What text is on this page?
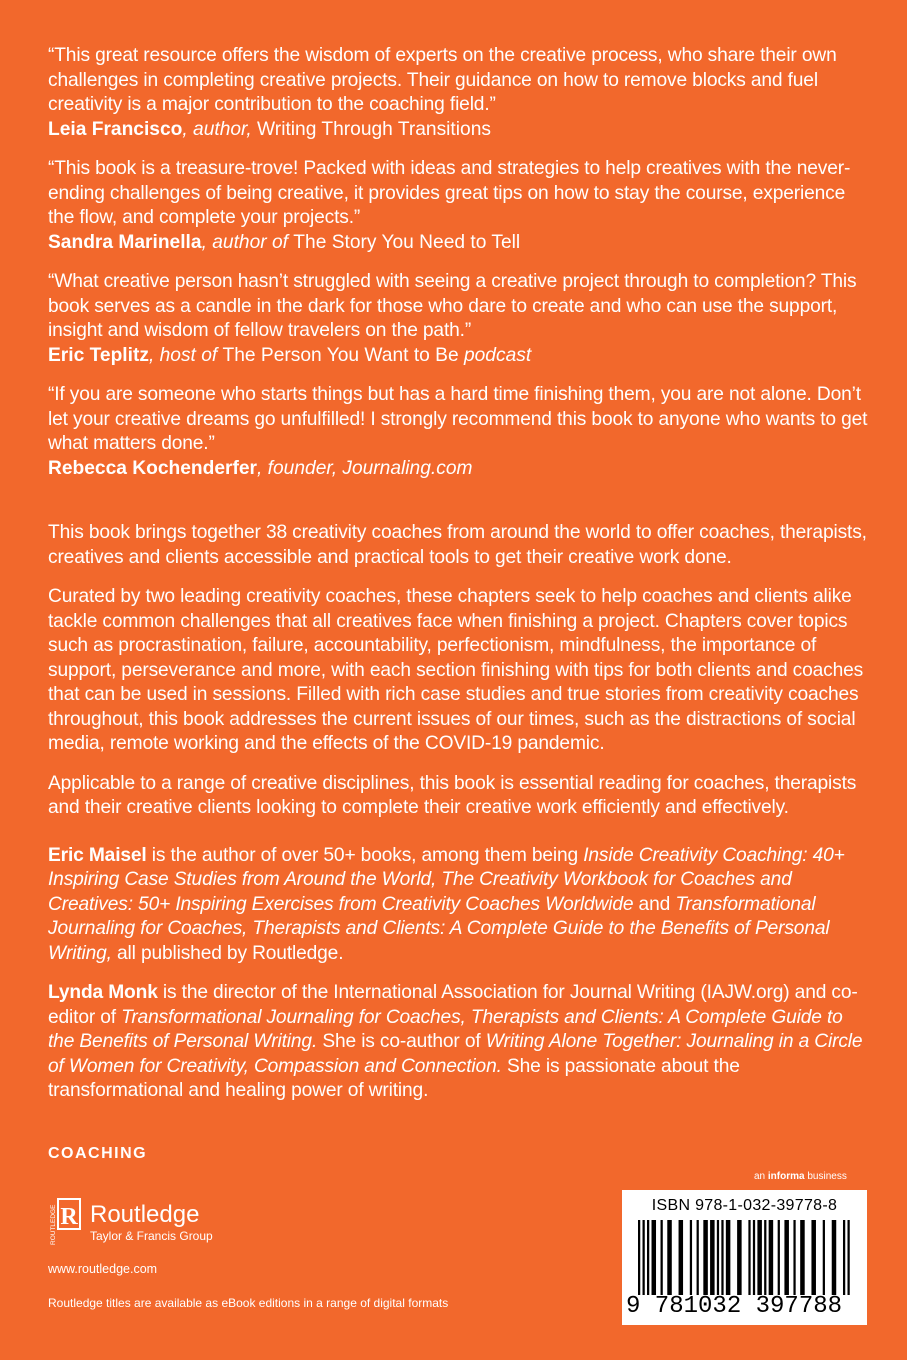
“This great resource offers the wisdom of experts on the creative process, who share their own challenges in completing creative projects. Their guidance on how to remove blocks and fuel creativity is a major contribution to the coaching field.”

Leia Francisco, author, Writing Through Transitions

“This book is a treasure-trove! Packed with ideas and strategies to help creatives with the never-ending challenges of being creative, it provides great tips on how to stay the course, experience the flow, and complete your projects.”

Sandra Marinella, author of The Story You Need to Tell

“What creative person hasn’t struggled with seeing a creative project through to completion? This book serves as a candle in the dark for those who dare to create and who can use the support, insight and wisdom of fellow travelers on the path.”

Eric Teplitz, host of The Person You Want to Be podcast

“If you are someone who starts things but has a hard time finishing them, you are not alone. Don’t let your creative dreams go unfulfilled! I strongly recommend this book to anyone who wants to get what matters done.”

Rebecca Kochenderfer, founder, Journaling.com

This book brings together 38 creativity coaches from around the world to offer coaches, therapists, creatives and clients accessible and practical tools to get their creative work done.

Curated by two leading creativity coaches, these chapters seek to help coaches and clients alike tackle common challenges that all creatives face when finishing a project. Chapters cover topics such as procrastination, failure, accountability, perfectionism, mindfulness, the importance of support, perseverance and more, with each section finishing with tips for both clients and coaches that can be used in sessions. Filled with rich case studies and true stories from creativity coaches throughout, this book addresses the current issues of our times, such as the distractions of social media, remote working and the effects of the COVID-19 pandemic.

Applicable to a range of creative disciplines, this book is essential reading for coaches, therapists and their creative clients looking to complete their creative work efficiently and effectively.

Eric Maisel is the author of over 50+ books, among them being Inside Creativity Coaching: 40+ Inspiring Case Studies from Around the World, The Creativity Workbook for Coaches and Creatives: 50+ Inspiring Exercises from Creativity Coaches Worldwide and Transformational Journaling for Coaches, Therapists and Clients: A Complete Guide to the Benefits of Personal Writing, all published by Routledge.

Lynda Monk is the director of the International Association for Journal Writing (IAJW.org) and co-editor of Transformational Journaling for Coaches, Therapists and Clients: A Complete Guide to the Benefits of Personal Writing. She is co-author of Writing Alone Together: Journaling in a Circle of Women for Creativity, Compassion and Connection. She is passionate about the transformational and healing power of writing.

COACHING
ROUTLEDGE R Routledge
Taylor & Francis Group
www.routledge.com
Routledge titles are available as eBook editions in a range of digital formats
an informa business
ISBN 978-1-032-39778-8
9 781032 397788
